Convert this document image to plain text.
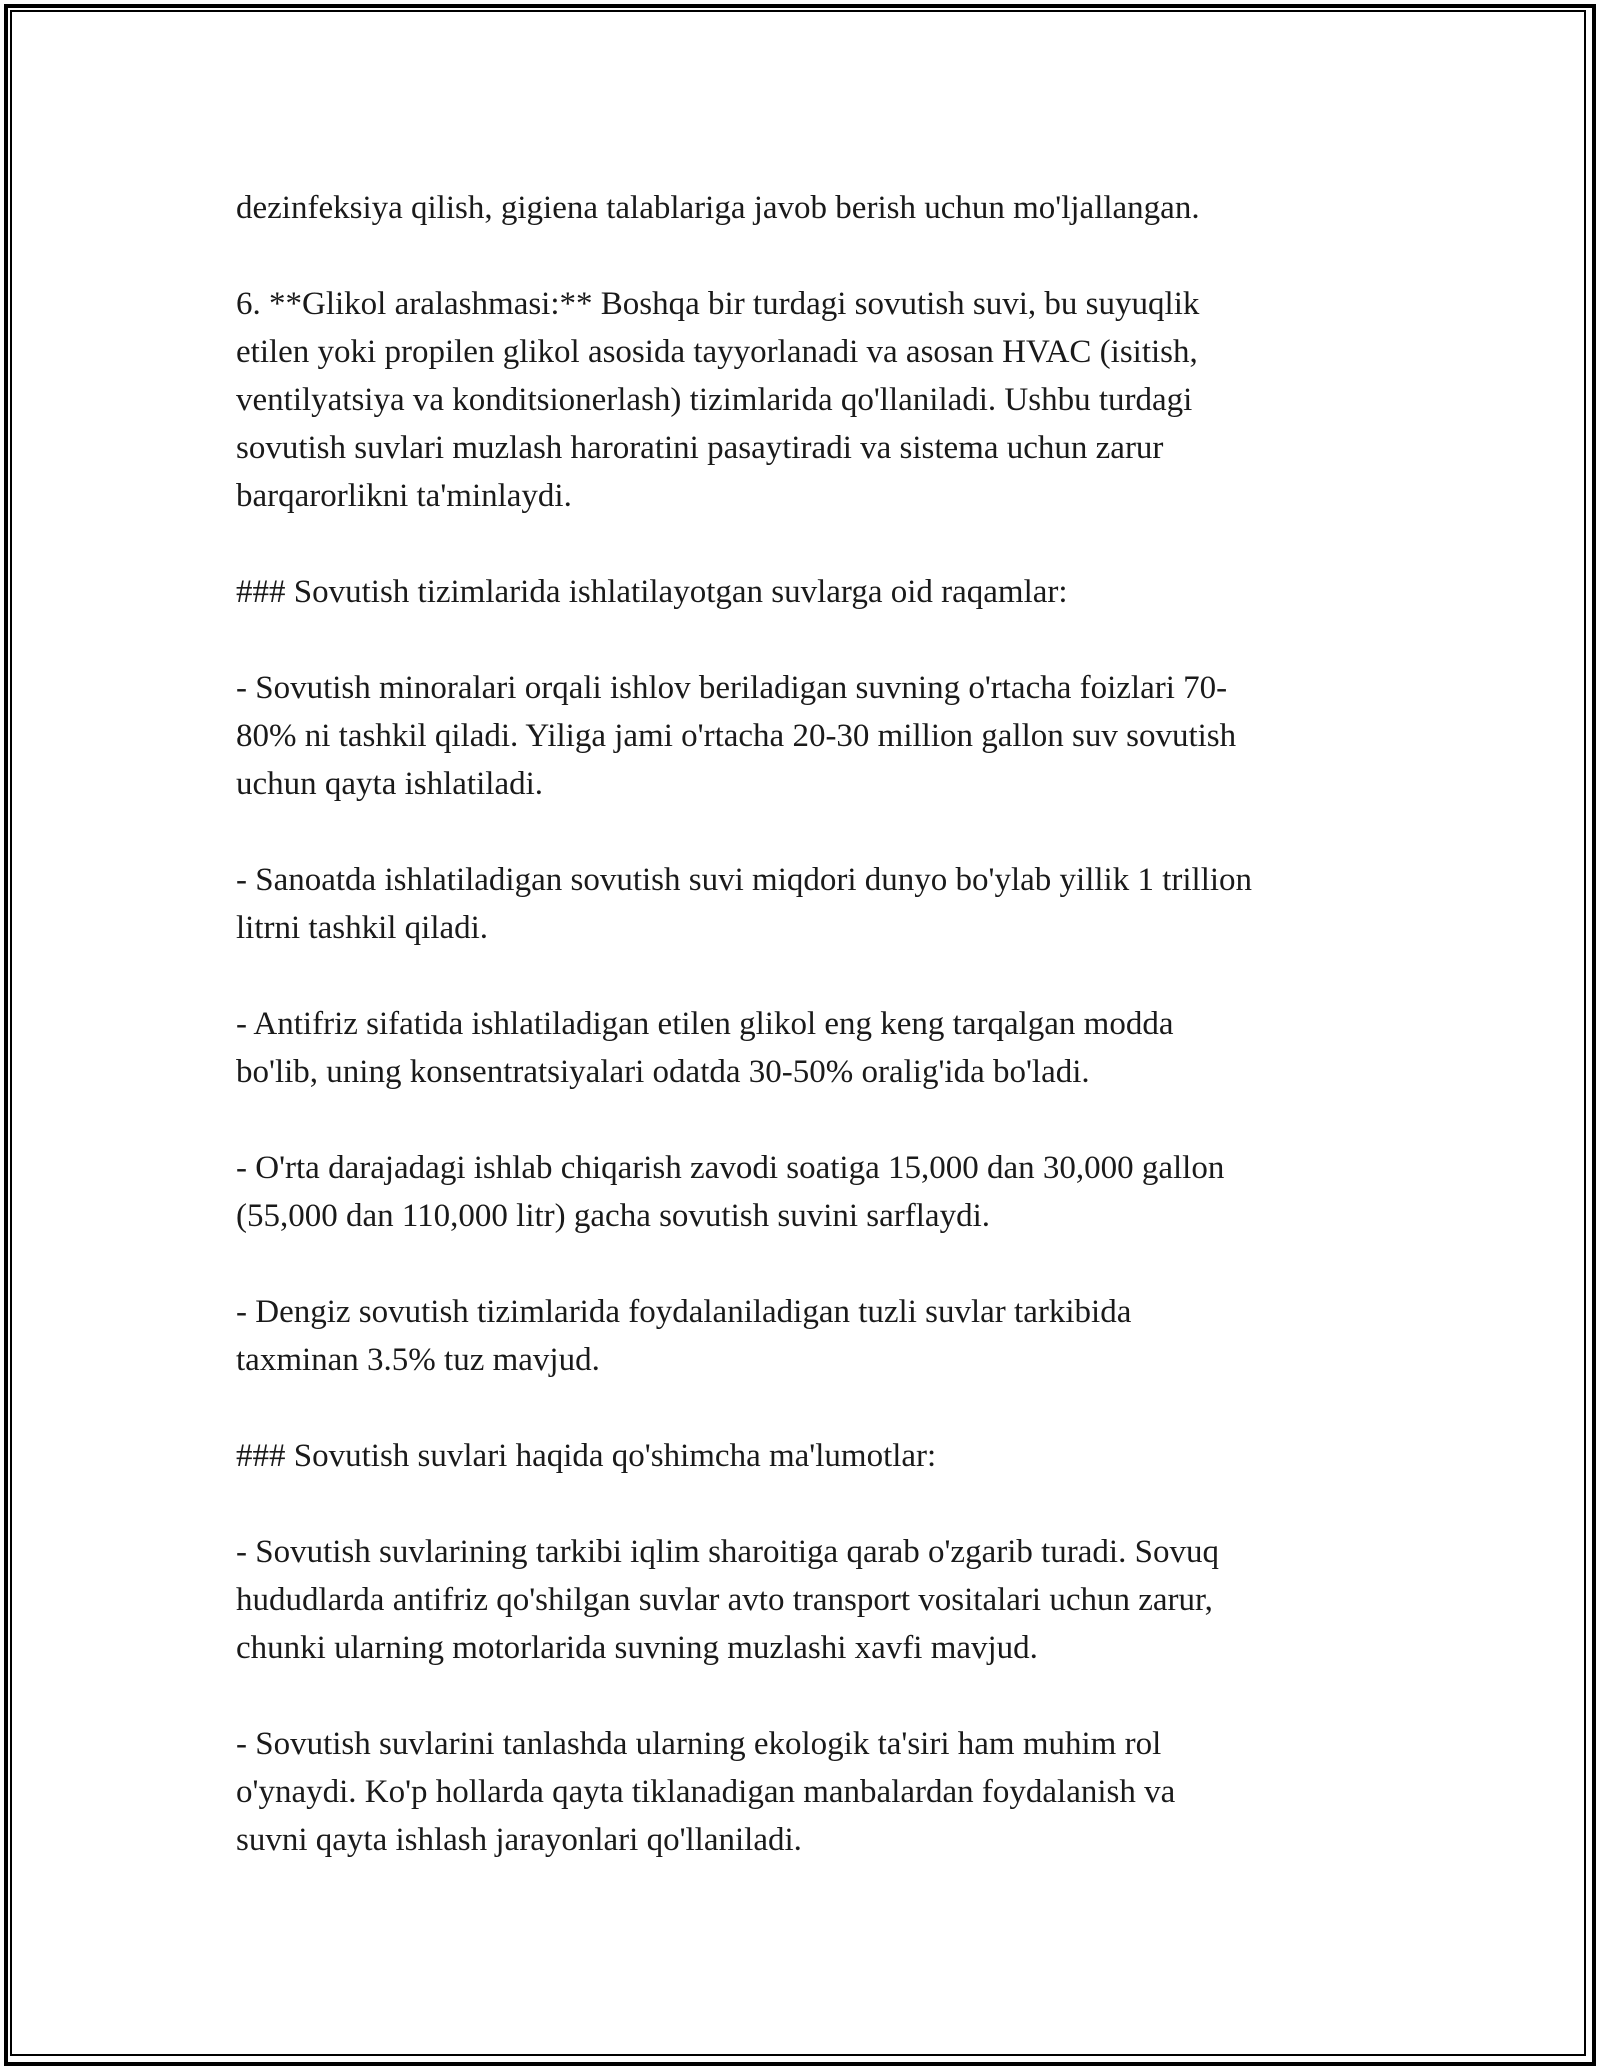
dezinfeksiya qilish, gigiena talablariga javob berish uchun mo'ljallangan.

6. **Glikol aralashmasi:** Boshqa bir turdagi sovutish suvi, bu suyuqlik
etilen yoki propilen glikol asosida tayyorlanadi va asosan HVAC (isitish,
ventilyatsiya va konditsionerlash) tizimlarida qo'llaniladi. Ushbu turdagi
sovutish suvlari muzlash haroratini pasaytiradi va sistema uchun zarur
barqarorlikni ta'minlaydi.

### Sovutish tizimlarida ishlatilayotgan suvlarga oid raqamlar:

- Sovutish minoralari orqali ishlov beriladigan suvning o'rtacha foizlari 70-
80% ni tashkil qiladi. Yiliga jami o'rtacha 20-30 million gallon suv sovutish
uchun qayta ishlatiladi.

- Sanoatda ishlatiladigan sovutish suvi miqdori dunyo bo'ylab yillik 1 trillion
litrni tashkil qiladi.

- Antifriz sifatida ishlatiladigan etilen glikol eng keng tarqalgan modda
bo'lib, uning konsentratsiyalari odatda 30-50% oralig'ida bo'ladi.

- O'rta darajadagi ishlab chiqarish zavodi soatiga 15,000 dan 30,000 gallon
(55,000 dan 110,000 litr) gacha sovutish suvini sarflaydi.

- Dengiz sovutish tizimlarida foydalaniladigan tuzli suvlar tarkibida
taxminan 3.5% tuz mavjud.

### Sovutish suvlari haqida qo'shimcha ma'lumotlar:

- Sovutish suvlarining tarkibi iqlim sharoitiga qarab o'zgarib turadi. Sovuq
hududlarda antifriz qo'shilgan suvlar avto transport vositalari uchun zarur,
chunki ularning motorlarida suvning muzlashi xavfi mavjud.

- Sovutish suvlarini tanlashda ularning ekologik ta'siri ham muhim rol
o'ynaydi. Ko'p hollarda qayta tiklanadigan manbalardan foydalanish va
suvni qayta ishlash jarayonlari qo'llaniladi.
